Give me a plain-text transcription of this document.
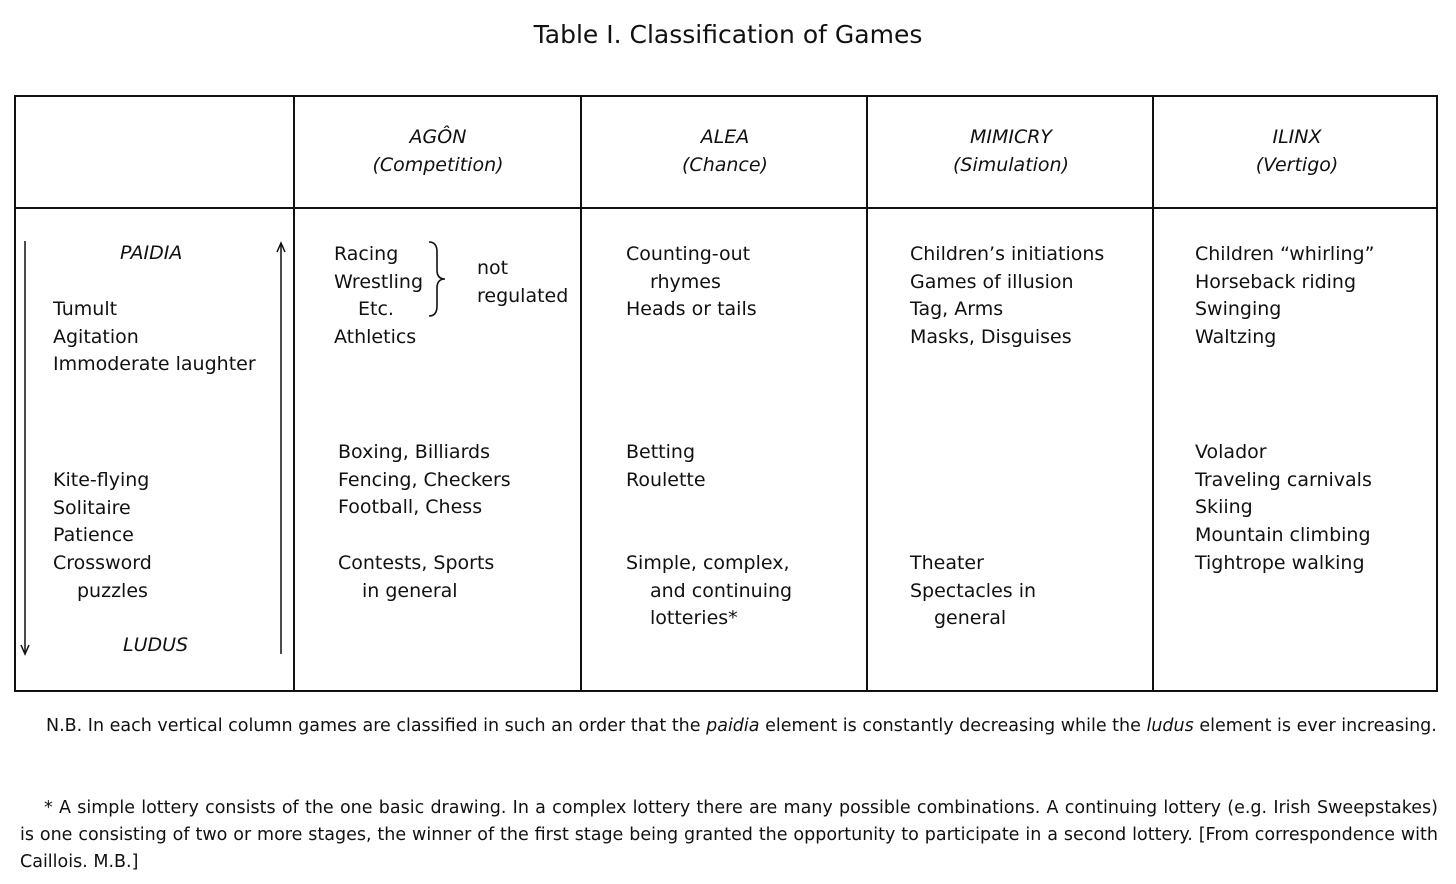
Table I. Classification of Games
AGÔN
(Competition)
ALEA
(Chance)
MIMICRY
(Simulation)
ILINX
(Vertigo)
PAIDIA
Tumult
Agitation
Immoderate laughter
Kite-flying
Solitaire
Patience
Crossword
puzzles
LUDUS
Racing
Wrestling
Etc.
Athletics
not
regulated
Boxing, Billiards
Fencing, Checkers
Football, Chess
Contests, Sports
in general
Counting-out
rhymes
Heads or tails
Betting
Roulette
Simple, complex,
and continuing
lotteries*
Children’s initiations
Games of illusion
Tag, Arms
Masks, Disguises
Theater
Spectacles in
general
Children “whirling”
Horseback riding
Swinging
Waltzing
Volador
Traveling carnivals
Skiing
Mountain climbing
Tightrope walking
N.B. In each vertical column games are classified in such an order that the paidia element is constantly decreasing while the ludus element is ever increasing.
* A simple lottery consists of the one basic drawing. In a complex lottery there are many possible combinations. A continuing lottery (e.g. Irish Sweepstakes) is one consisting of two or more stages, the winner of the first stage being granted the opportunity to participate in a second lottery. [From correspondence with Caillois. M.B.]
